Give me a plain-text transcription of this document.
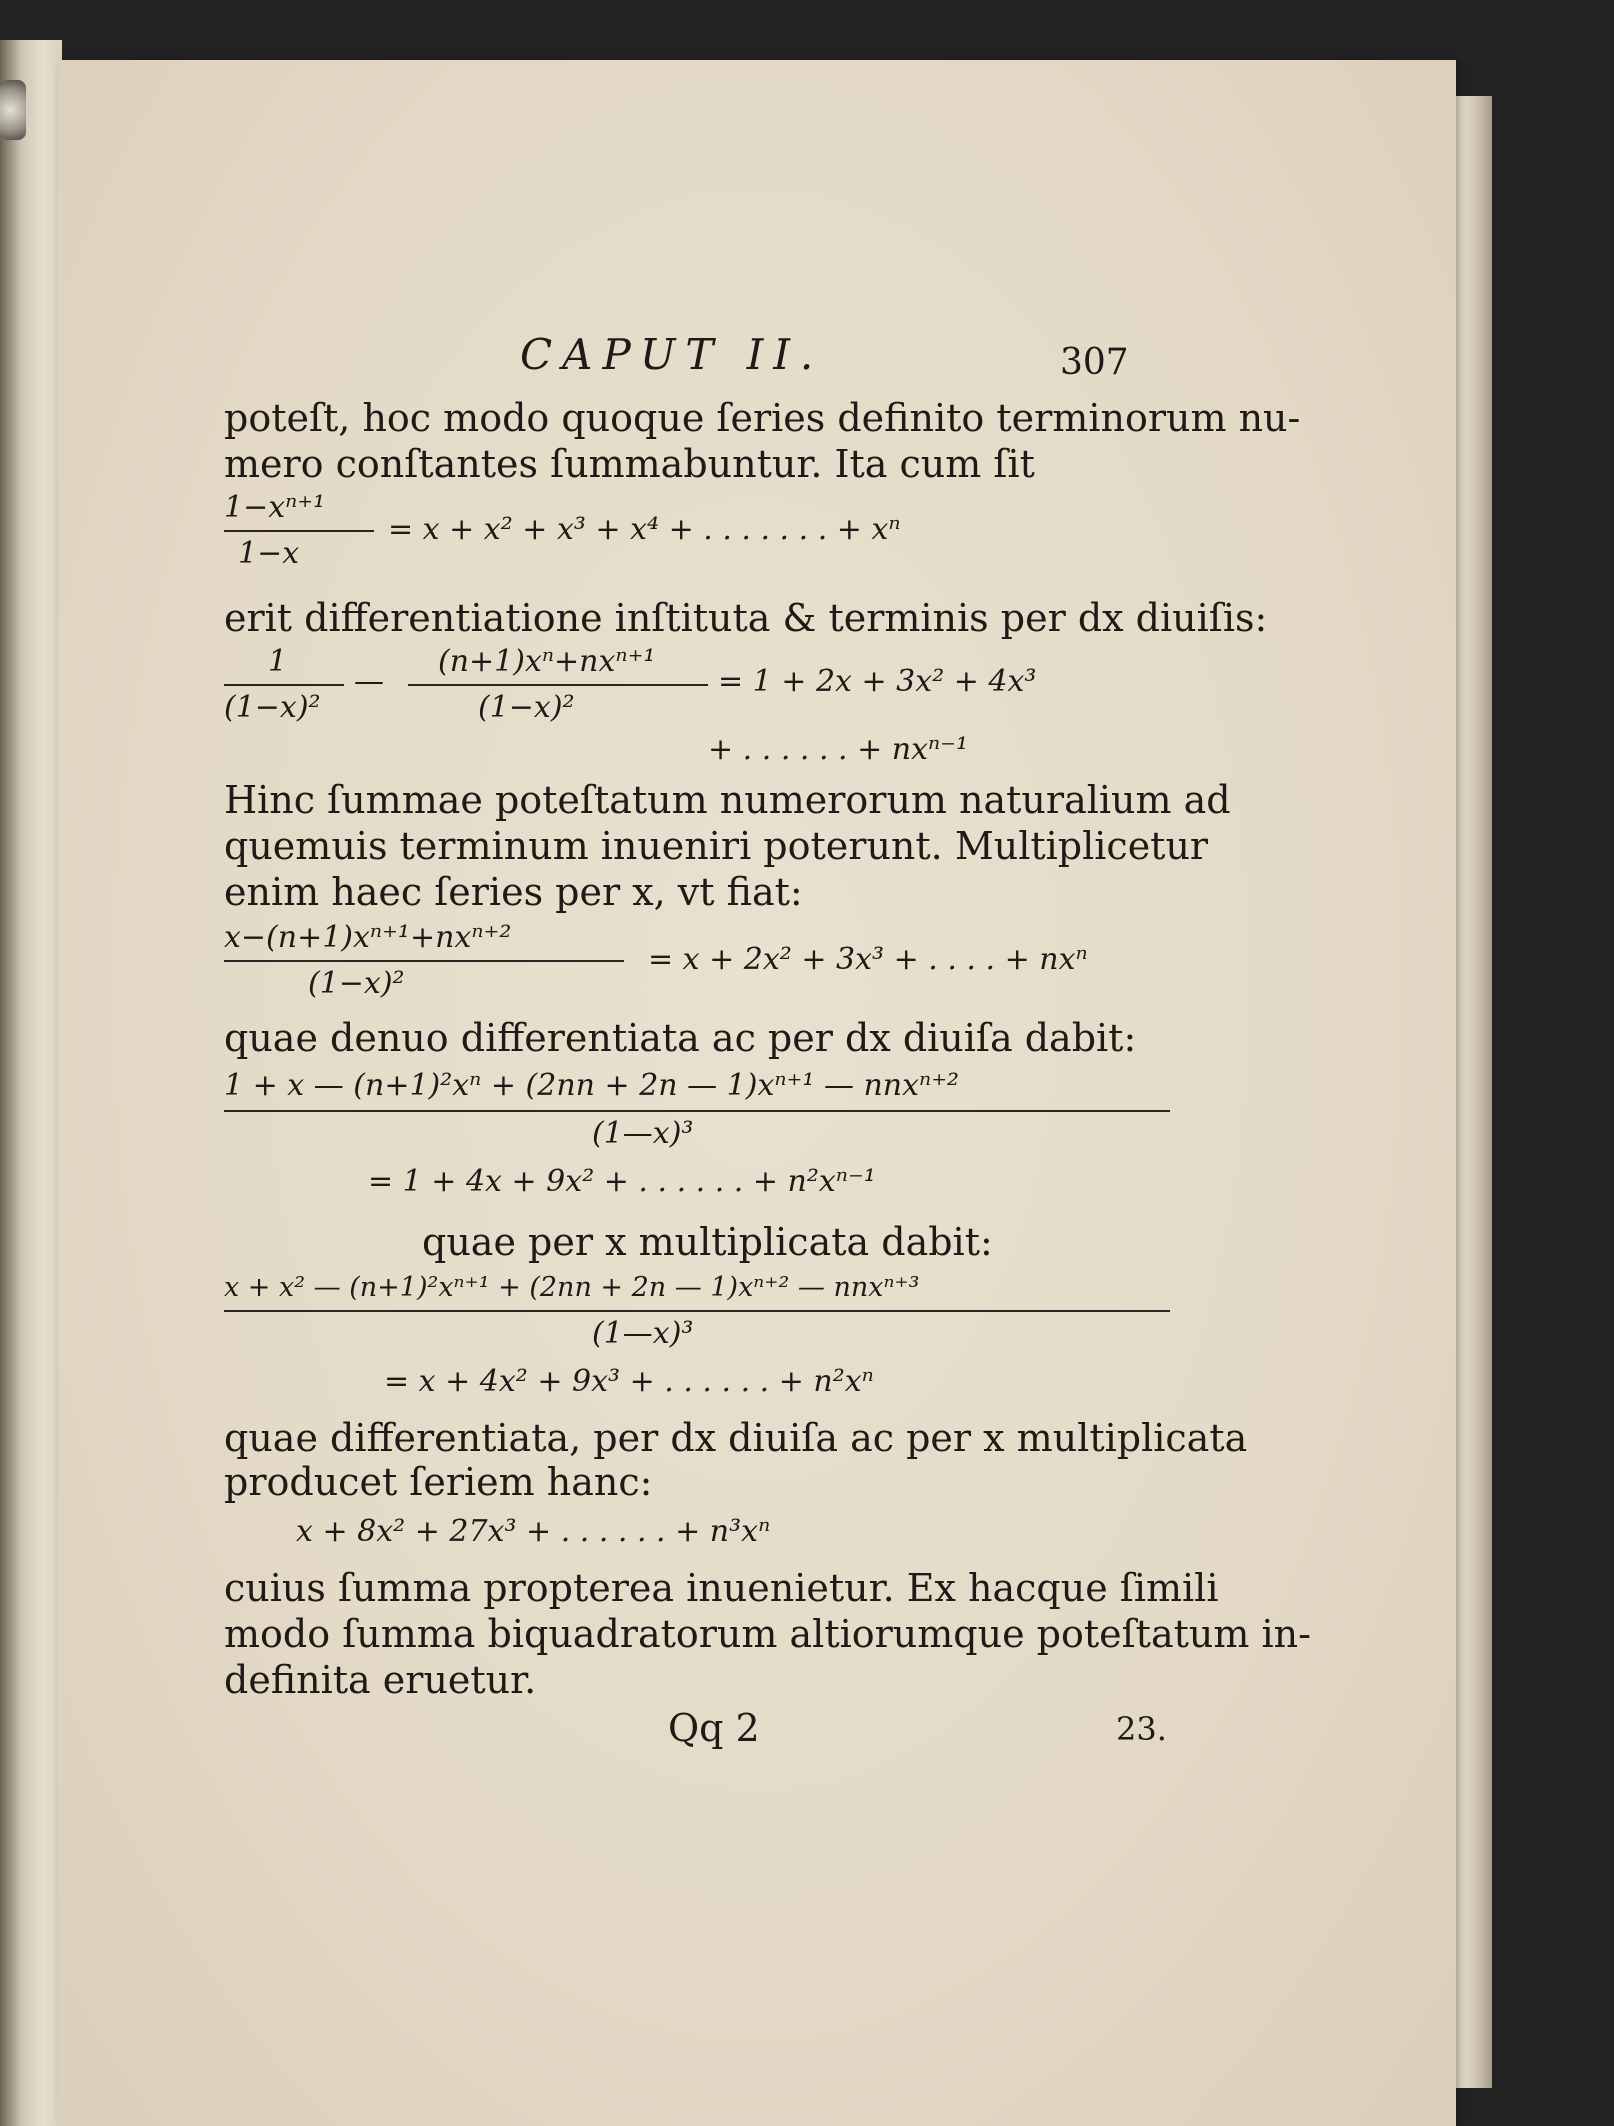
CAPUT II.	307
poteſt, hoc modo quoque ſeries definito terminorum nu-
mero conſtantes ſummabuntur. Ita cum ſit
1−xⁿ⁺¹
1−x
= x + x² + x³ + x⁴ + . . . . . . . + xⁿ
erit differentiatione inſtituta & terminis per dx diuiſis:
1
(1−x)²
—
(n+1)xⁿ+nxⁿ⁺¹
(1−x)²
= 1 + 2x + 3x² + 4x³
+ . . . . . . + nxⁿ⁻¹
Hinc ſummae poteſtatum numerorum naturalium ad
quemuis terminum inueniri poterunt. Multiplicetur
enim haec ſeries per x, vt fiat:
x−(n+1)xⁿ⁺¹+nxⁿ⁺²
(1−x)²
= x + 2x² + 3x³ + . . . . + nxⁿ
quae denuo differentiata ac per dx diuiſa dabit:
1 + x — (n+1)²xⁿ + (2nn + 2n — 1)xⁿ⁺¹ — nnxⁿ⁺²
(1—x)³
= 1 + 4x + 9x² + . . . . . . + n²xⁿ⁻¹
quae per x multiplicata dabit:
x + x² — (n+1)²xⁿ⁺¹ + (2nn + 2n — 1)xⁿ⁺² — nnxⁿ⁺³
(1—x)³
= x + 4x² + 9x³ + . . . . . . + n²xⁿ
quae differentiata, per dx diuiſa ac per x multiplicata
producet ſeriem hanc:
x + 8x² + 27x³ + . . . . . . + n³xⁿ
cuius ſumma propterea inuenietur. Ex hacque ſimili
modo ſumma biquadratorum altiorumque poteſtatum in-
definita eruetur.
Qq 2	23.
